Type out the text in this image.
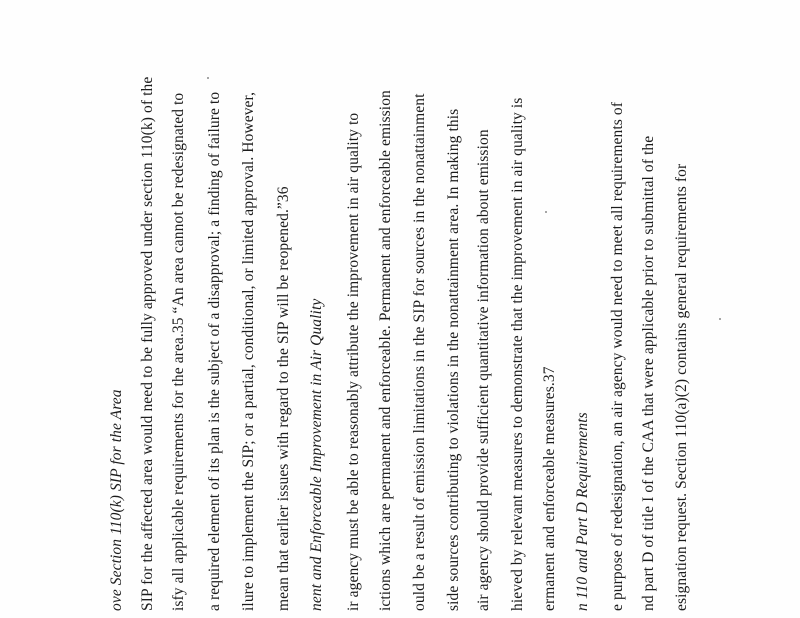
ove Section 110(k) SIP for the Area SIP for the affected area would need to be fully approved under section 110(k) of the isfy all applicable requirements for the area.35 “An area cannot be redesignated to a required element of its plan is the subject of a disapproval; a finding of failure to ilure to implement the SIP; or a partial, conditional, or limited approval. However, mean that earlier issues with regard to the SIP will be reopened.”36 nent and Enforceable Improvement in Air Quality ir agency must be able to reasonably attribute the improvement in air quality to ictions which are permanent and enforceable. Permanent and enforceable emission ould be a result of emission limitations in the SIP for sources in the nonattainment side sources contributing to violations in the nonattainment area. In making this air agency should provide sufficient quantitative information about emission hieved by relevant measures to demonstrate that the improvement in air quality is ermanent and enforceable measures.37 n 110 and Part D Requirements e purpose of redesignation, an air agency would need to meet all requirements of nd part D of title I of the CAA that were applicable prior to submittal of the esignation request. Section 110(a)(2) contains general requirements for
